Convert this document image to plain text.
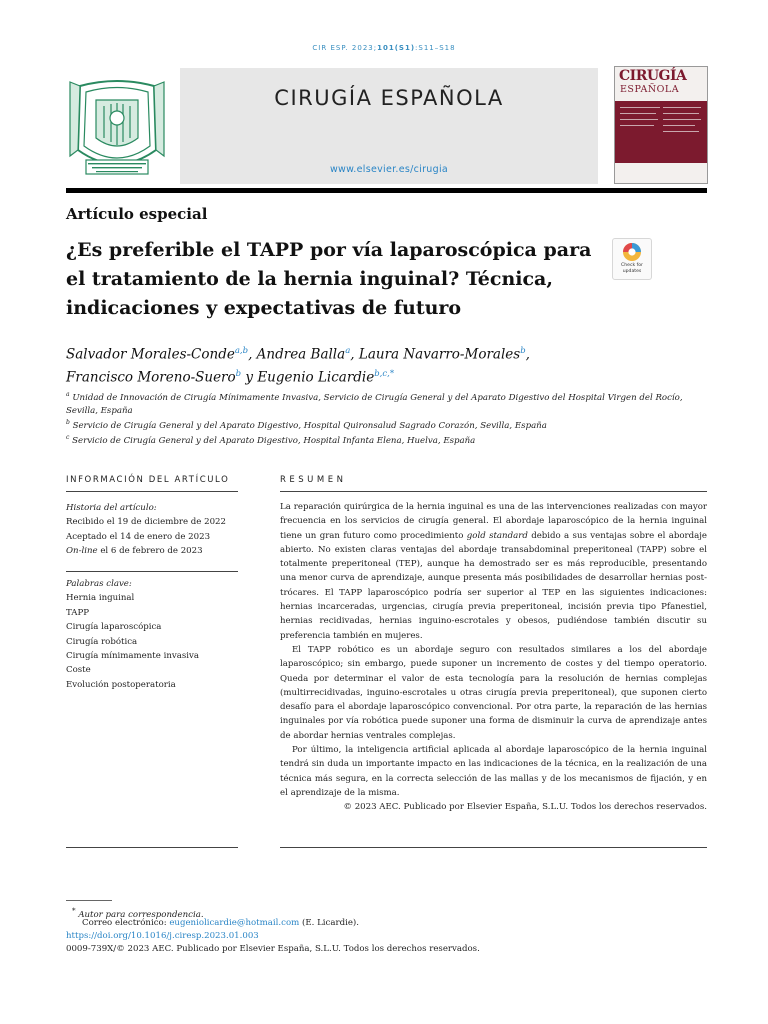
CIR ESP. 2023;101(S1):S11–S18
CIRUGÍA ESPAÑOLA
www.elsevier.es/cirugia
CIRUGÍA
ESPAÑOLA
Artículo especial
¿Es preferible el TAPP por vía laparoscópica para el tratamiento de la hernia inguinal? Técnica, indicaciones y expectativas de futuro
Check for
updates
Salvador Morales-Conde$^{a,b}$, Andrea Balla$^a$, Laura Navarro-Morales$^b$,
Francisco Moreno-Suero$^b$ y Eugenio Licardie$^{b,c,*}$
$^a$ Unidad de Innovación de Cirugía Mínimamente Invasiva, Servicio de Cirugía General y del Aparato Digestivo del Hospital Virgen del Rocío, Sevilla, España
$^b$ Servicio de Cirugía General y del Aparato Digestivo, Hospital Quironsalud Sagrado Corazón, Sevilla, España
$^c$ Servicio de Cirugía General y del Aparato Digestivo, Hospital Infanta Elena, Huelva, España
INFORMACIÓN DEL ARTÍCULO
Historia del artículo:
Recibido el 19 de diciembre de 2022
Aceptado el 14 de enero de 2023
On-line el 6 de febrero de 2023
Palabras clave:
Hernia inguinal
TAPP
Cirugía laparoscópica
Cirugía robótica
Cirugía mínimamente invasiva
Coste
Evolución postoperatoria
RESUMEN

La reparación quirúrgica de la hernia inguinal es una de las intervenciones realizadas con mayor frecuencia en los servicios de cirugía general. El abordaje laparoscópico de la hernia inguinal tiene un gran futuro como procedimiento gold standard debido a sus ventajas sobre el abordaje abierto. No existen claras ventajas del abordaje transabdominal preperitoneal (TAPP) sobre el totalmente preperitoneal (TEP), aunque ha demostrado ser es más reproducible, presentando una menor curva de aprendizaje, aunque presenta más posibilidades de desarrollar hernias post-trócares. El TAPP laparoscópico podría ser superior al TEP en las siguientes indicaciones: hernias incarceradas, urgencias, cirugía previa preperitoneal, incisión previa tipo Pfanestiel, hernias recidivadas, hernias inguino-escrotales y obesos, pudiéndose también discutir su preferencia también en mujeres.

El TAPP robótico es un abordaje seguro con resultados similares a los del abordaje laparoscópico; sin embargo, puede suponer un incremento de costes y del tiempo operatorio. Queda por determinar el valor de esta tecnología para la resolución de hernias complejas (multirrecidivadas, inguino-escrotales u otras cirugía previa preperitoneal), que suponen cierto desafío para el abordaje laparoscópico convencional. Por otra parte, la reparación de las hernias inguinales por vía robótica puede suponer una forma de disminuir la curva de aprendizaje antes de abordar hernias ventrales complejas.

Por último, la inteligencia artificial aplicada al abordaje laparoscópico de la hernia inguinal tendrá sin duda un importante impacto en las indicaciones de la técnica, en la realización de una técnica más segura, en la correcta selección de las mallas y de los mecanismos de fijación, y en el aprendizaje de la misma.

© 2023 AEC. Publicado por Elsevier España, S.L.U. Todos los derechos reservados.

* Autor para correspondencia.
Correo electrónico: eugeniolicardie@hotmail.com (E. Licardie).
https://doi.org/10.1016/j.ciresp.2023.01.003
0009-739X/© 2023 AEC. Publicado por Elsevier España, S.L.U. Todos los derechos reservados.
